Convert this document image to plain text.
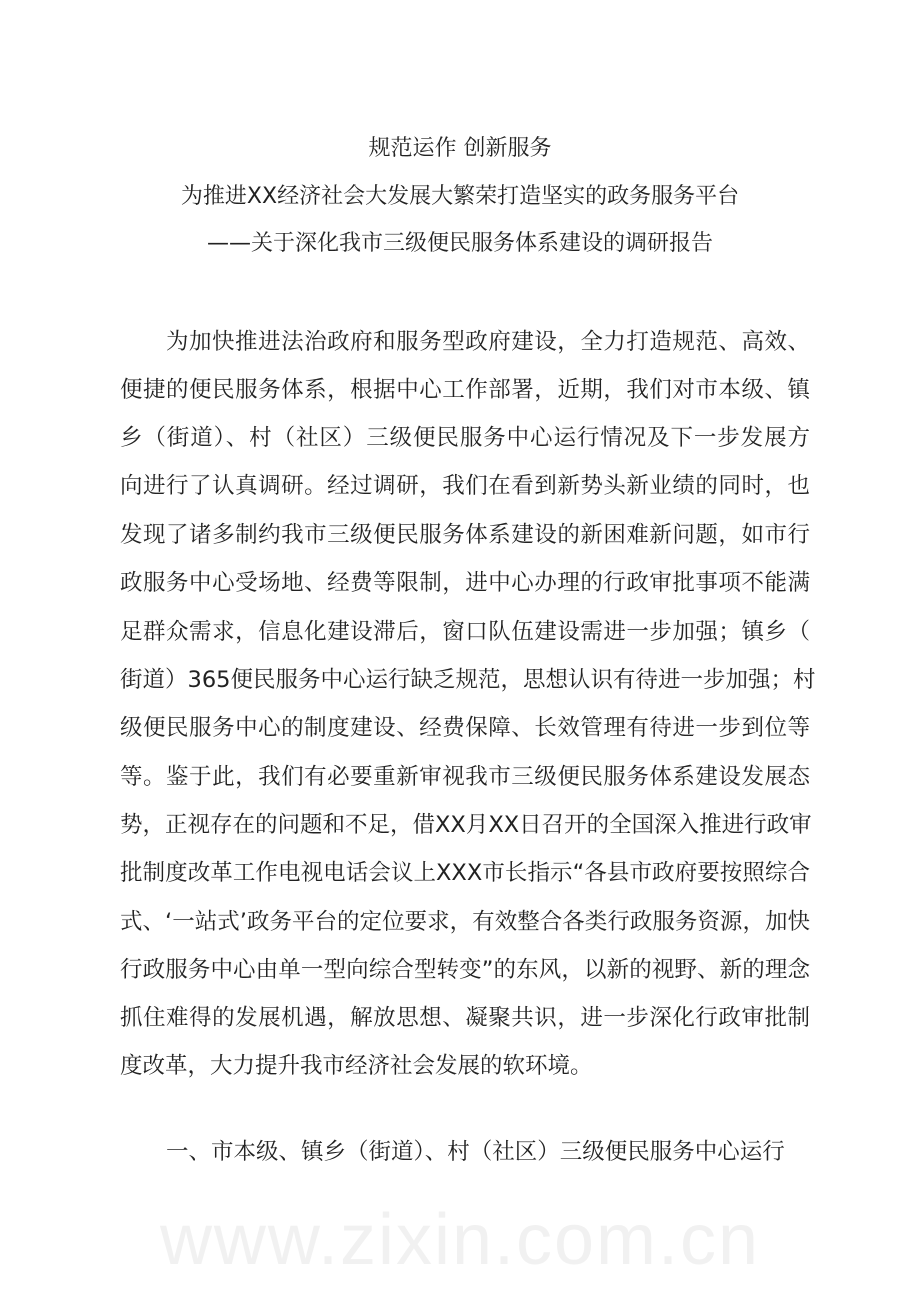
规范运作 创新服务
为推进XX经济社会大发展大繁荣打造坚实的政务服务平台
——关于深化我市三级便民服务体系建设的调研报告
为加快推进法治政府和服务型政府建设，全力打造规范、高效、
便捷的便民服务体系，根据中心工作部署，近期，我们对市本级、镇
乡（街道）、村（社区）三级便民服务中心运行情况及下一步发展方
向进行了认真调研。经过调研，我们在看到新势头新业绩的同时，也
发现了诸多制约我市三级便民服务体系建设的新困难新问题，如市行
政服务中心受场地、经费等限制，进中心办理的行政审批事项不能满
足群众需求，信息化建设滞后，窗口队伍建设需进一步加强；镇乡（
街道）365便民服务中心运行缺乏规范，思想认识有待进一步加强；村
级便民服务中心的制度建设、经费保障、长效管理有待进一步到位等
等。鉴于此，我们有必要重新审视我市三级便民服务体系建设发展态
势，正视存在的问题和不足，借XX月XX日召开的全国深入推进行政审
批制度改革工作电视电话会议上XXX市长指示“各县市政府要按照综合
式、‘一站式’政务平台的定位要求，有效整合各类行政服务资源，加快
行政服务中心由单一型向综合型转变”的东风，以新的视野、新的理念
抓住难得的发展机遇，解放思想、凝聚共识，进一步深化行政审批制
度改革，大力提升我市经济社会发展的软环境。
一、市本级、镇乡（街道）、村（社区）三级便民服务中心运行
www.zixin.com.cn
